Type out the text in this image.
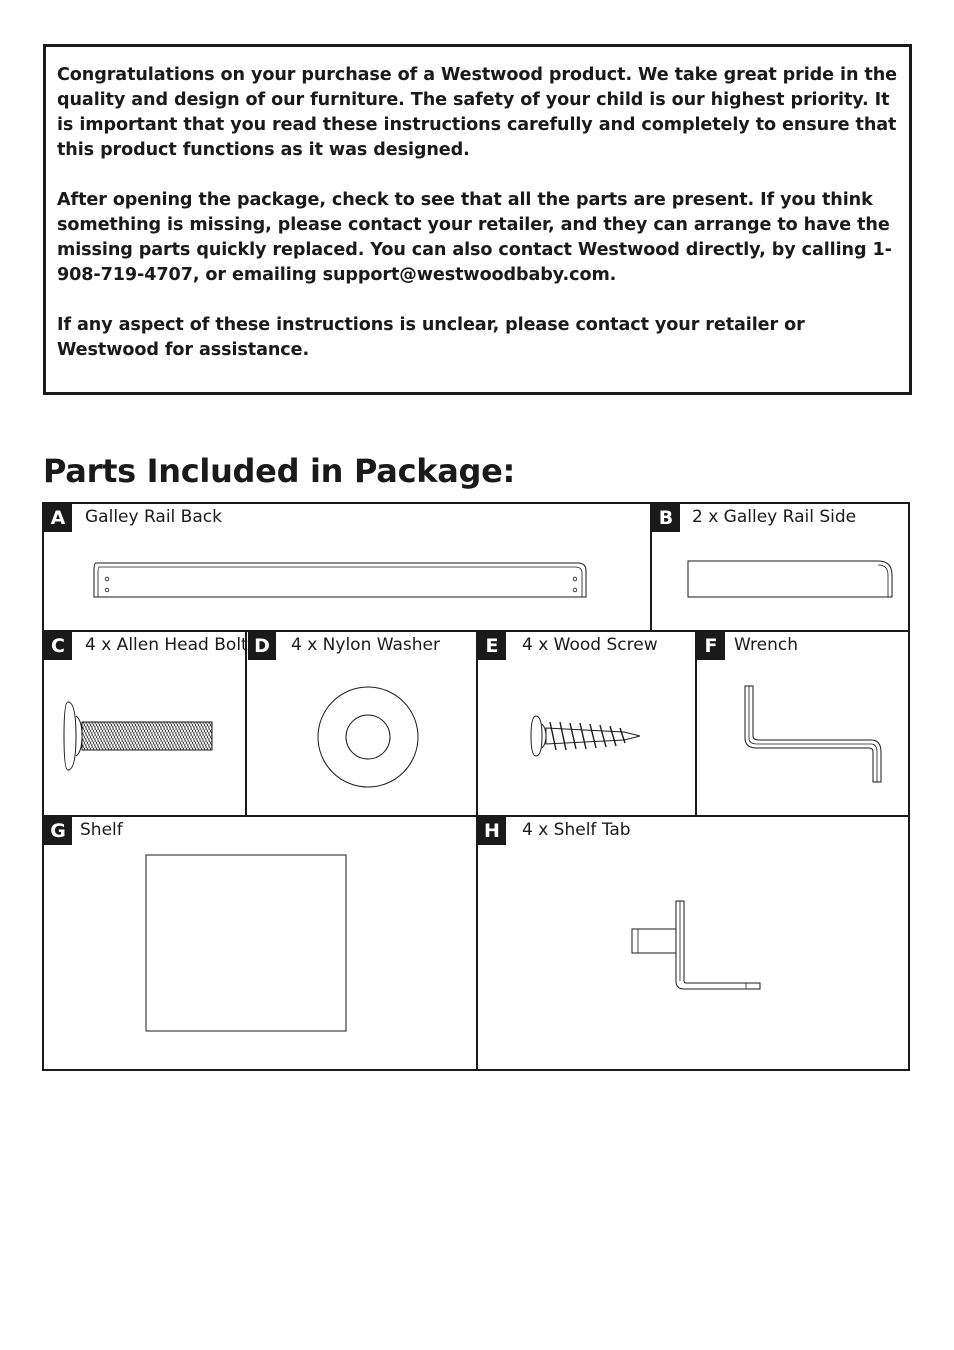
Congratulations on your purchase of a Westwood product. We take great pride in the quality and design of our furniture. The safety of your child is our highest priority. It is important that you read these instructions carefully and completely to ensure that this product functions as it was designed.

After opening the package, check to see that all the parts are present. If you think something is missing, please contact your retailer, and they can arrange to have the missing parts quickly replaced. You can also contact Westwood directly, by calling 1-908-719-4707, or emailing support@westwoodbaby.com.

If any aspect of these instructions is unclear, please contact your retailer or Westwood for assistance.

Parts Included in Package:
A	Galley Rail Back	B	2 x Galley Rail Side
C	4 x Allen Head Bolt D	4 x Nylon Washer	E	4 x Wood Screw	F Wrench
G Shelf	H	4 x Shelf Tab
